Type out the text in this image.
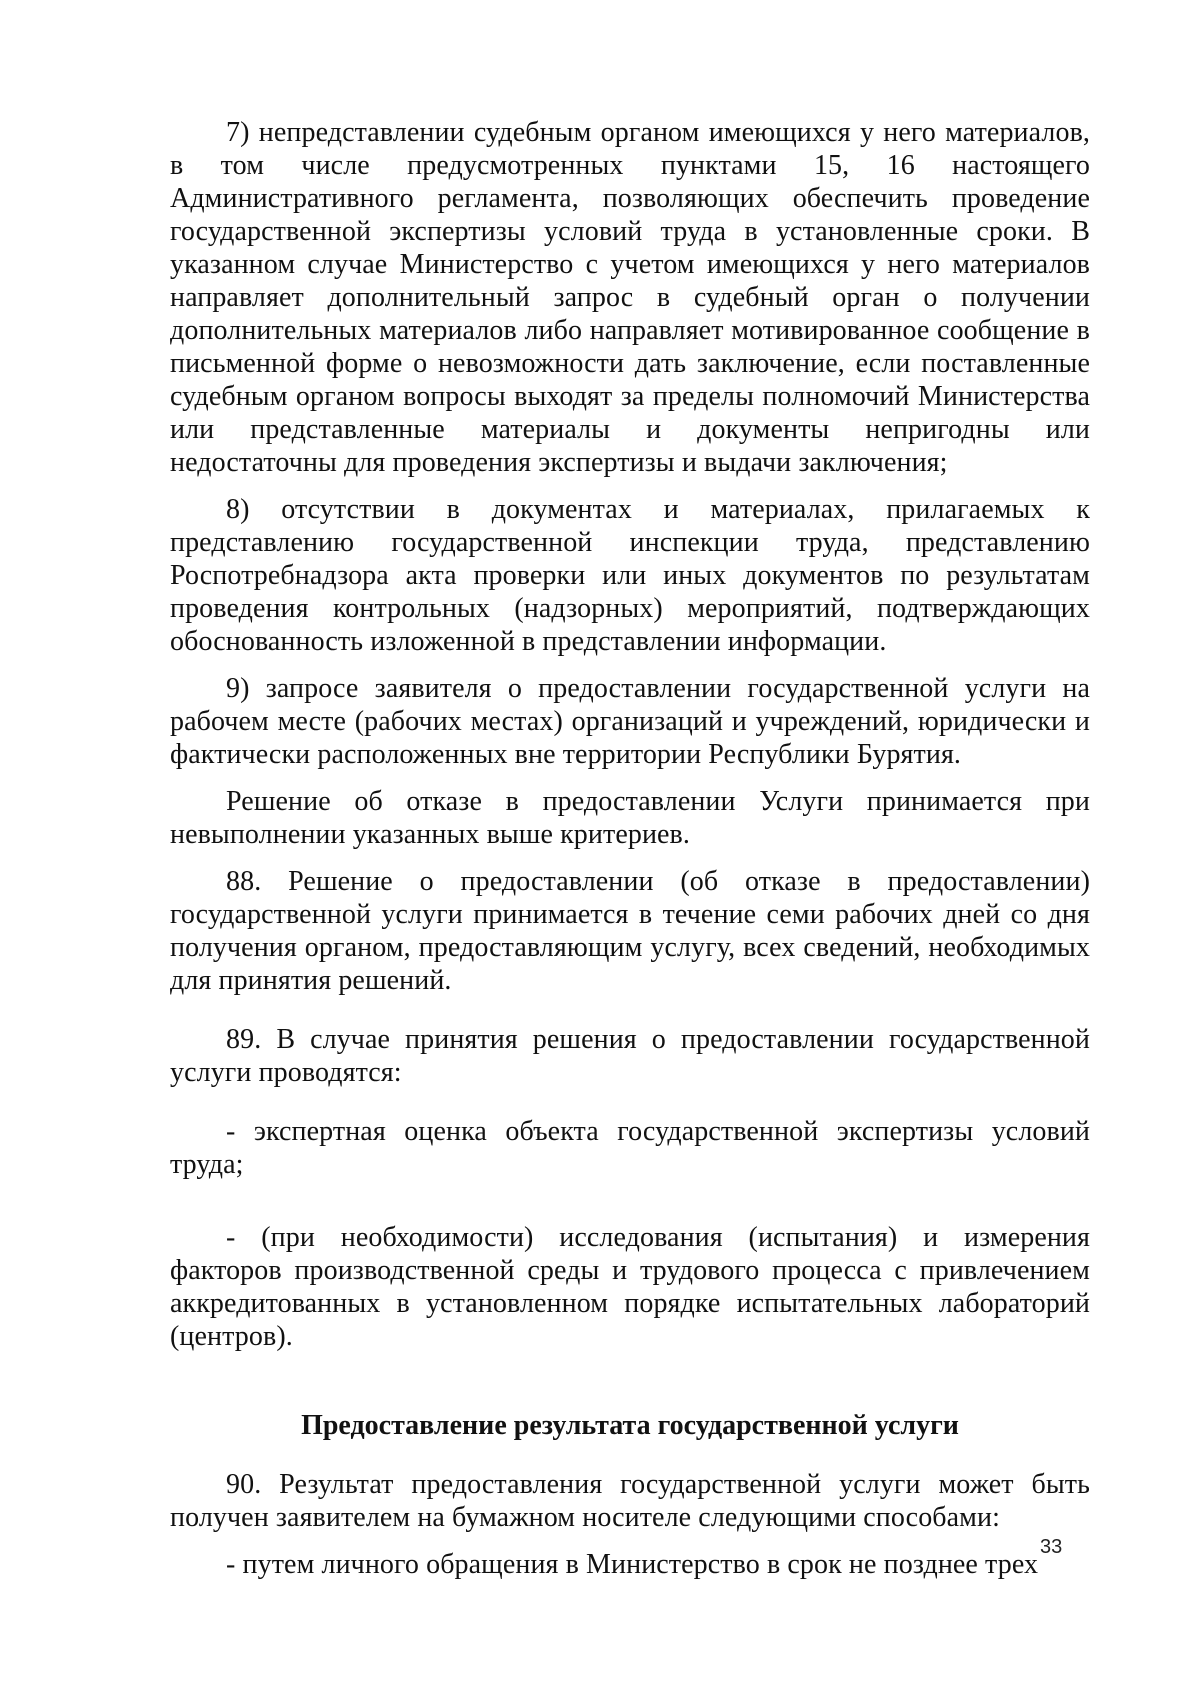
7) непредставлении судебным органом имеющихся у него материалов, в том числе предусмотренных пунктами 15, 16 настоящего Административного регламента, позволяющих обеспечить проведение государственной экспертизы условий труда в установленные сроки. В указанном случае Министерство с учетом имеющихся у него материалов направляет дополнительный запрос в судебный орган о получении дополнительных материалов либо направляет мотивированное сообщение в письменной форме о невозможности дать заключение, если поставленные судебным органом вопросы выходят за пределы полномочий Министерства или представленные материалы и документы непригодны или недостаточны для проведения экспертизы и выдачи заключения;

8) отсутствии в документах и материалах, прилагаемых к представлению государственной инспекции труда, представлению Роспотребнадзора акта проверки или иных документов по результатам проведения контрольных (надзорных) мероприятий, подтверждающих обоснованность изложенной в представлении информации.

9) запросе заявителя о предоставлении государственной услуги на рабочем месте (рабочих местах) организаций и учреждений, юридически и фактически расположенных вне территории Республики Бурятия.

Решение об отказе в предоставлении Услуги принимается при невыполнении указанных выше критериев.

88. Решение о предоставлении (об отказе в предоставлении) государственной услуги принимается в течение семи рабочих дней со дня получения органом, предоставляющим услугу, всех сведений, необходимых для принятия решений.

89. В случае принятия решения о предоставлении государственной услуги проводятся:

- экспертная оценка объекта государственной экспертизы условий труда;

- (при необходимости) исследования (испытания) и измерения факторов производственной среды и трудового процесса с привлечением аккредитованных в установленном порядке испытательных лабораторий (центров).

Предоставление результата государственной услуги

90. Результат предоставления государственной услуги может быть получен заявителем на бумажном носителе следующими способами:

- путем личного обращения в Министерство в срок не позднее трех

33
